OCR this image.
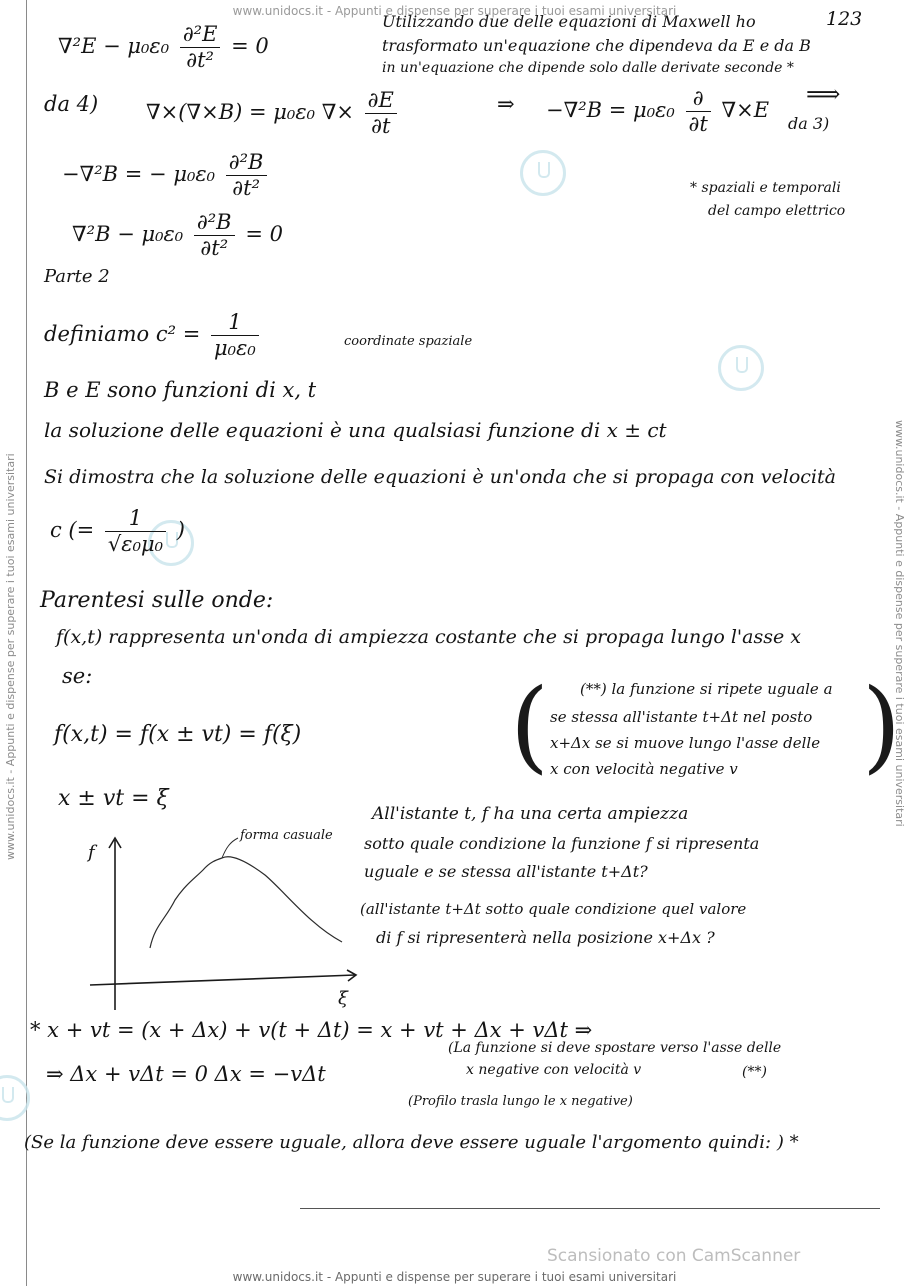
www.unidocs.it - Appunti e dispense per superare i tuoi esami universitari
www.unidocs.it - Appunti e dispense per superare i tuoi esami universitari	www.unidocs.it - Appunti e dispense per superare i tuoi esami universitari
123
$\nabla^2E - \mu_0\varepsilon_0 \frac{\text{∂²E}}{\text{∂t²}} = 0$
Utilizzando due delle equazioni di Maxwell ho
trasformato un'equazione che dipendeva da E e da B
in un'equazione che dipende solo dalle derivate seconde *
da 4) ∇×(∇×B) = μ₀ε₀ ∇× $\frac{\partial E}{\partial t}$	⇒ $-\nabla^2B = \mu_0\varepsilon_0 \frac{\partial}{\partial t} \nabla\times E$
⟹
da 3)
−∇²B = − $\mu_0\varepsilon_0 \frac{\text{∂²B}}{\text{∂t²}}$	* spaziali e temporali
del campo elettrico
$\nabla^2B - \mu_0\varepsilon_0 \frac{\text{∂²B}}{\text{∂t²}} = 0$
Parte 2
definiamo $c^2 = \frac{1}{\text{μ₀ε₀}}$	coordinate spaziale
B e E sono funzioni di x, t
la soluzione delle equazioni è una qualsiasi funzione di x ± ct
Si dimostra che la soluzione delle equazioni è un'onda che si propaga con velocità
c (= $\frac{1}{\text{√ε₀μ₀}}$ )
Parentesi sulle onde:
f(x,t) rappresenta un'onda di ampiezza costante che si propaga lungo l'asse x
se:
f(x,t) = f(x ± vt) = f(ξ)
x ± vt = ξ
( (**) la funzione si ripete uguale a
se stessa all'istante t+Δt nel posto
x+Δx se si muove lungo l'asse delle
x con velocità negative v )
f
ξ
forma casuale
All'istante t, f ha una certa ampiezza
sotto quale condizione la funzione f si ripresenta
uguale e se stessa all'istante t+Δt?
(all'istante t+Δt sotto quale condizione quel valore
di f si ripresenterà nella posizione x+Δx ?
* x + vt = (x + Δx) + v(t + Δt) = x + vt + Δx + vΔt ⇒
⇒ Δx + vΔt = 0 Δx = −vΔt
(La funzione si deve spostare verso l'asse delle
x negative con velocità v	(**)
(Profilo trasla lungo le x negative)
(Se la funzione deve essere uguale, allora deve essere uguale l'argomento quindi: ) *
Scansionato con CamScanner
www.unidocs.it - Appunti e dispense per superare i tuoi esami universitari
